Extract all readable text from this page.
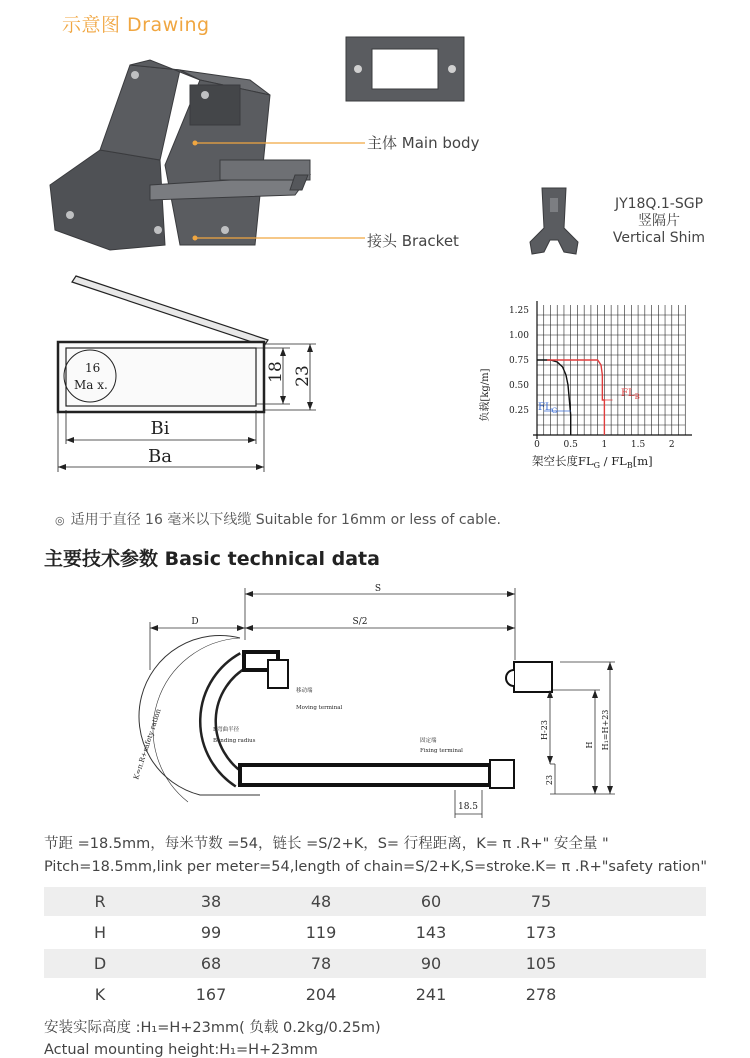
示意图 Drawing
主体 Main body
接头 Bracket
JY18Q.1-SGP
竖隔片
Vertical Shim
16
Ma x.
18 23
Bi
Ba
0.25
0.50
0.75
1.00
1.25
0	0.5	1	1.5	2
负载[kg/m]
架空长度$FL_G / FL_B[m]$
$FL_B$
$FL_G$
◎ 适用于直径 16 毫米以下线缆 Suitable for 16mm or less of cable.
主要技术参数 Basic technical data
S
S/2
D
H₁=H+23
H
H-23
23
18.5
移动端
Moving terminal
R弯曲半径
Bending radius	固定端
Fixing terminal
K=π.R+safety ration
节距 =18.5mm，每米节数 =54，链长 =S/2+K，S= 行程距离，K= π .R+" 安全量 "
Pitch=18.5mm,link per meter=54,length of chain=S/2+K,S=stroke.K= π .R+"safety ration"
R	38	48	60	75	
H	99	119	143	173	
D	68	78	90	105	
K	167	204	241	278	
安装实际高度 :H₁=H+23mm( 负载 0.2kg/0.25m)
Actual mounting height:H₁=H+23mm
